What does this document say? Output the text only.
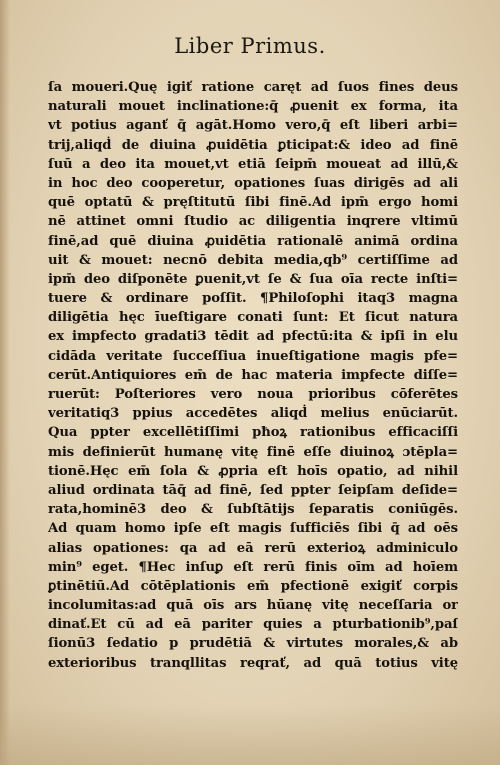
Liber Primus.
ſa moueri.Quę igiť ratione caręt ad ſuos fines deus
naturali mouet inclinatione:q̄ ꝓuenit ex forma, ita
vt potius aganť q̄ agāt.Homo vero,q̄ eſt liberi arbi=
trij,aliqḋ de diuina ꝓuidētia ꝑticipat:& ideo ad finē
ſuū a deo ita mouet,vt etiā ſeipm̄ moueat ad illū,&
in hoc deo cooperetur, opationes ſuas dirigēs ad ali
quē optatū & pręſtitutū ſibi finē.Ad ipm̄ ergo homi
nē attinet omni ſtudio ac diligentia inqrere vltimū
finē,ad quē diuina ꝓuidētia rationalē animā ordina
uit & mouet: necnō debita media,qb⁹ certiſſime ad
ipm̄ deo diſponēte ꝑuenit,vt ſe & ſua oīa recte inſti=
tuere & ordinare poſſit. ¶Philoſophi itaq3 magna
diligētia hęc īueſtigare conati ſunt: Et ſicut natura
ex impfecto gradati3 tēdit ad pfectū:ita & ipſi in elu
cidāda veritate ſucceſſiua inueſtigatione magis pfe=
cerūt.Antiquiores em̄ de hac materia impfecte diſſe=
ruerūt: Poſteriores vero noua prioribus cōferētes
veritatiq3 ppius accedētes aliqḋ melius enūciarūt.
Qua ppter excellētiſſimi pħoꝝ rationibus efficaciſſi
mis definierūt humanę vitę finē eſſe diuinoꝝ ɔtēpla=
tionē.Hęc em̄ ſola & ꝓpria eſt hoīs opatio, ad nihil
aliud ordinata tāq̄ ad finē, ſed ppter ſeipſam deſide=
rata,hominē3 deo & ſubſtātijs ſeparatis coniūgēs.
Ad quam homo ipſe eſt magis ſufficiēs ſibi q̄ ad oēs
alias opationes: qa ad eā rerū exterioꝝ adminiculo
min⁹ eget. ¶Hec inſuꝑ eſt rerū finis oīm ad hoīem
ꝑtinētiū.Ad cōtēplationis em̄ pfectionē exigiť corpis
incolumitas:ad quā oīs ars hūanę vitę neceſſaria or
dinať.Et cū ad eā pariter quies a pturbationib⁹,paſ
ſionū3 ſedatio p prudētiā & virtutes morales,& ab
exterioribus tranqllitas reqrať, ad quā totius vitę
